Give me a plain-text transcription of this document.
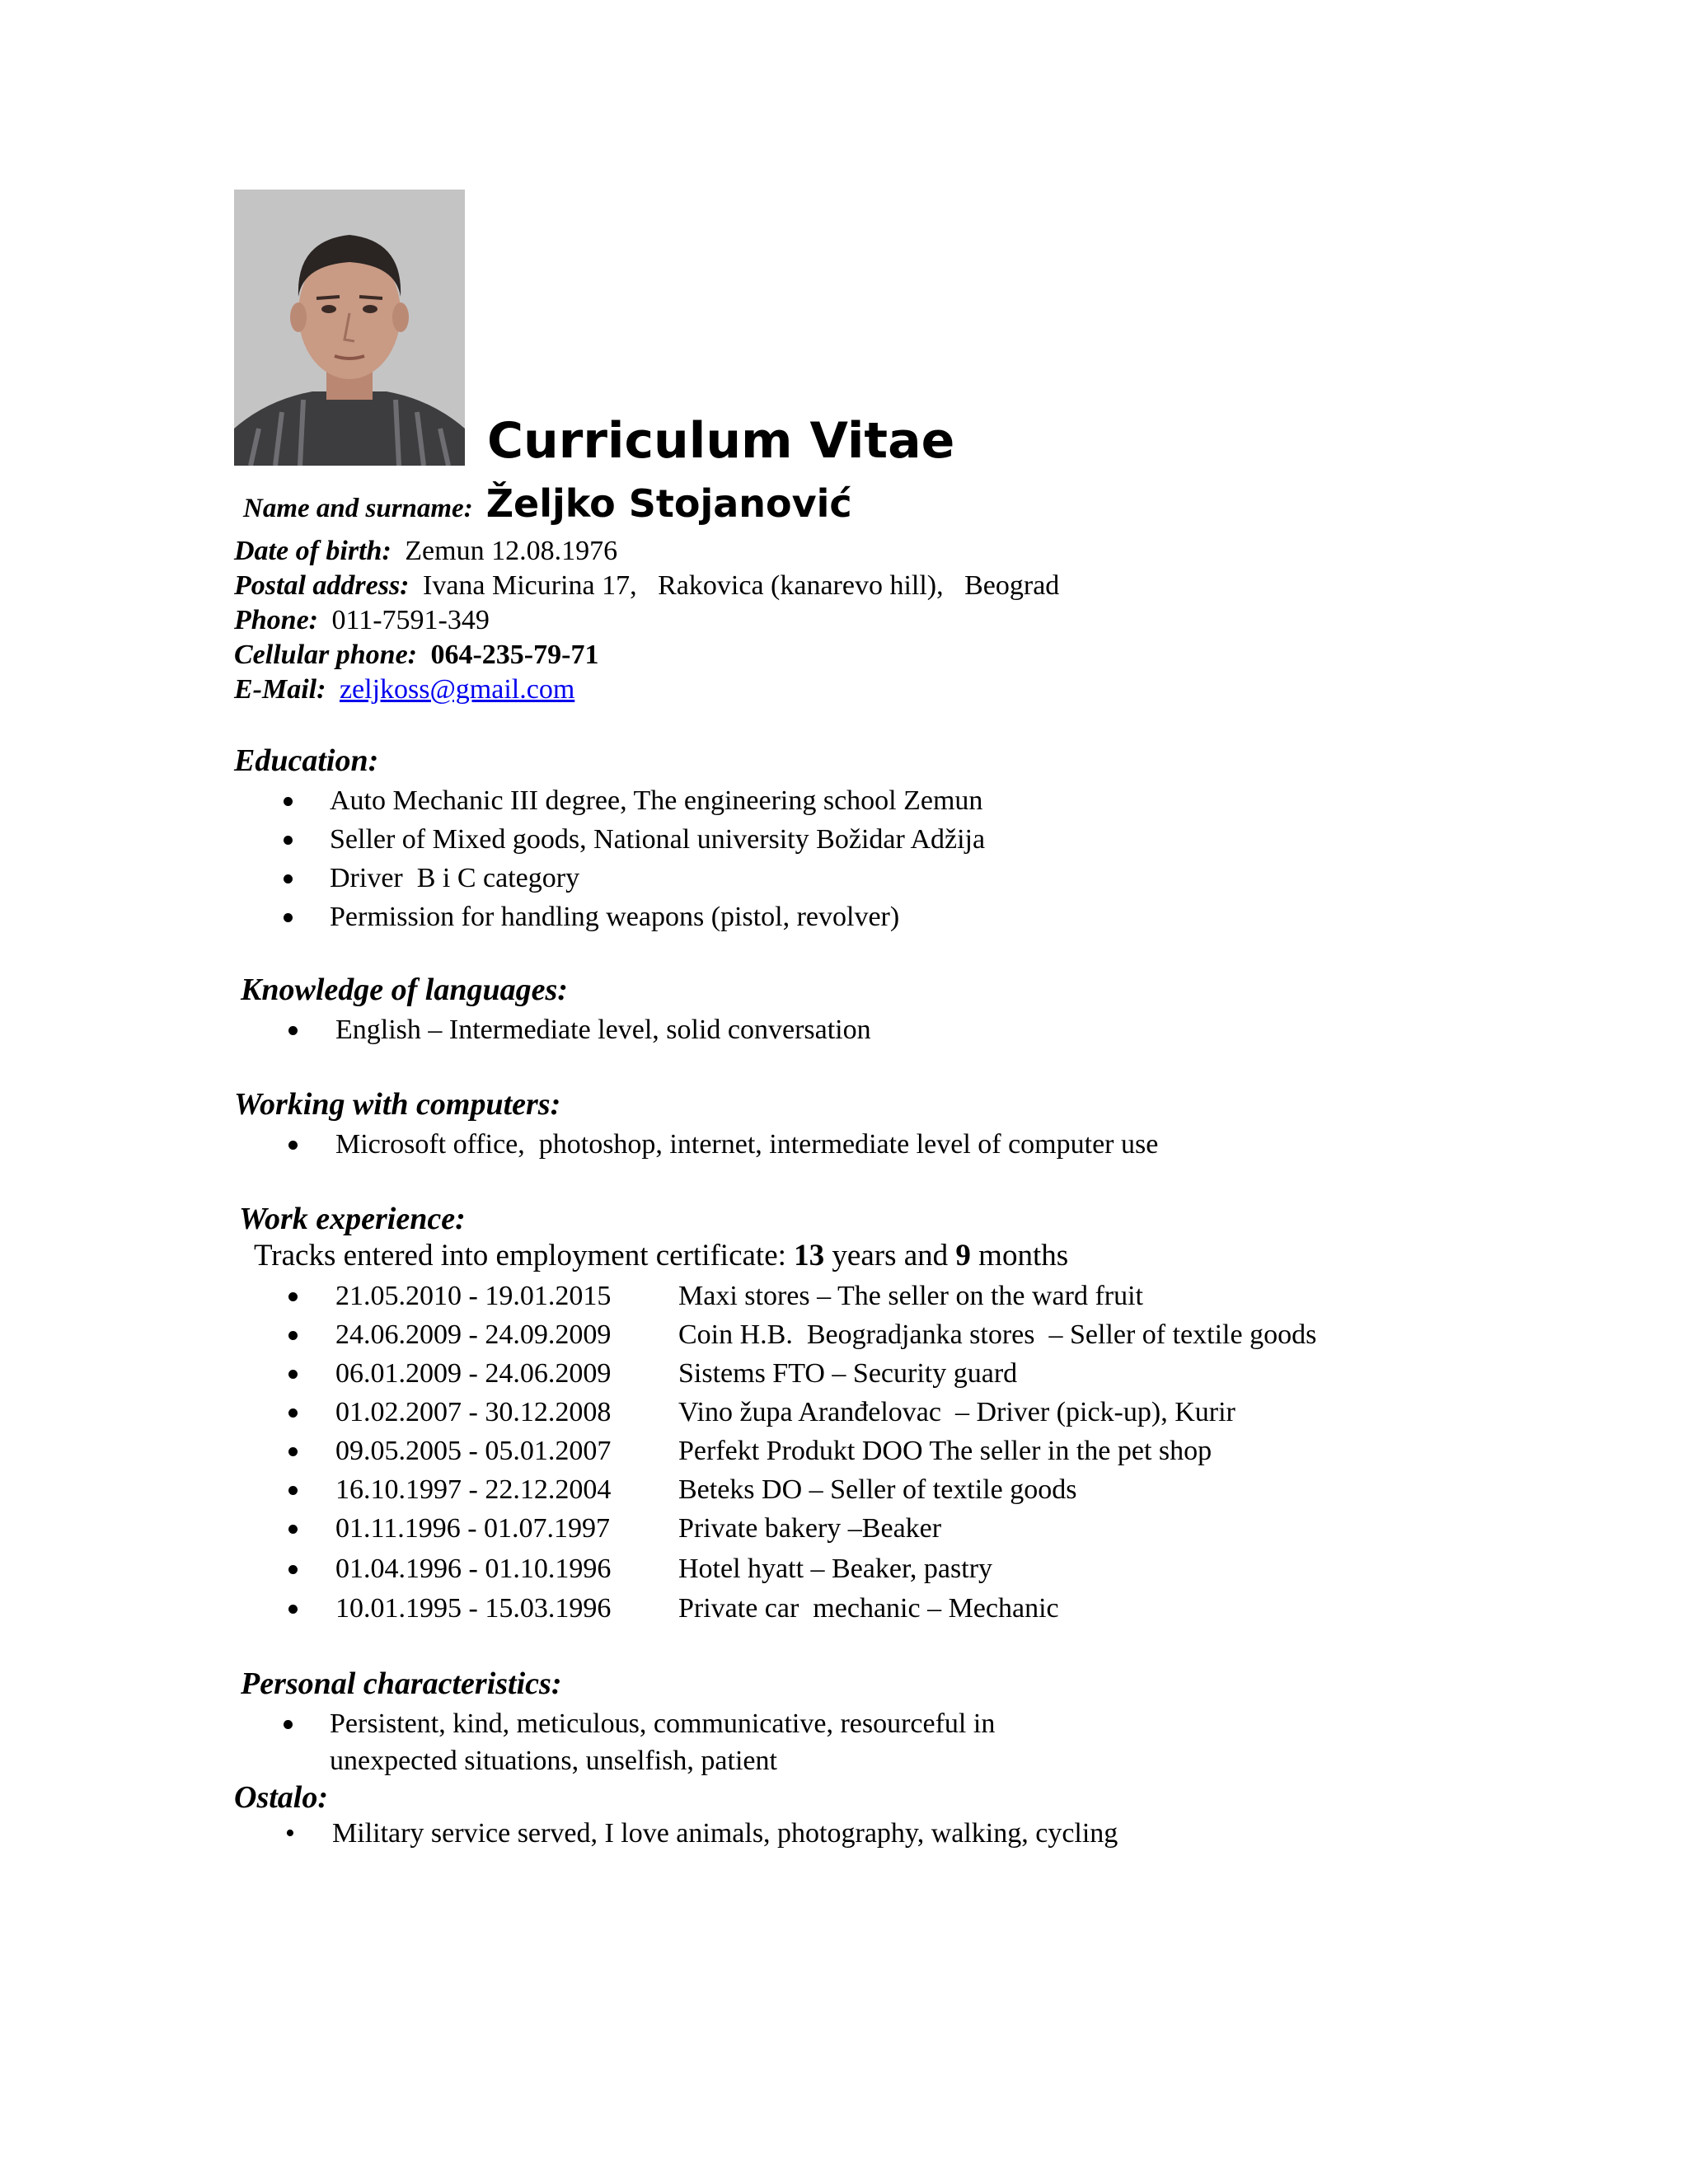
Curriculum Vitae
Name and surname: Željko Stojanović
Date of birth: Zemun 12.08.1976
Postal address: Ivana Micurina 17,   Rakovica (kanarevo hill),   Beograd
Phone: 011-7591-349
Cellular phone: 064-235-79-71
E-Mail: zeljkoss@gmail.com
Education:
Auto Mechanic III degree, The engineering school Zemun
Seller of Mixed goods, National university Božidar Adžija
Driver  B i C category
Permission for handling weapons (pistol, revolver)
Knowledge of languages:
English – Intermediate level, solid conversation
Working with computers:
Microsoft office,  photoshop, internet, intermediate level of computer use
Work experience:
Tracks entered into employment certificate: 13 years and 9 months
21.05.2010 - 19.01.2015 Maxi stores – The seller on the ward fruit
24.06.2009 - 24.09.2009 Coin H.B.  Beogradjanka stores  – Seller of textile goods
06.01.2009 - 24.06.2009 Sistems FTO – Security guard
01.02.2007 - 30.12.2008 Vino župa Aranđelovac  – Driver (pick-up), Kurir
09.05.2005 - 05.01.2007 Perfekt Produkt DOO The seller in the pet shop
16.10.1997 - 22.12.2004 Beteks DO – Seller of textile goods
01.11.1996 - 01.07.1997 Private bakery –Beaker
01.04.1996 - 01.10.1996 Hotel hyatt – Beaker, pastry
10.01.1995 - 15.03.1996 Private car  mechanic – Mechanic
Personal characteristics:
Persistent, kind, meticulous, communicative, resourceful in
unexpected situations, unselfish, patient
Ostalo:
• Military service served, I love animals, photography, walking, cycling
